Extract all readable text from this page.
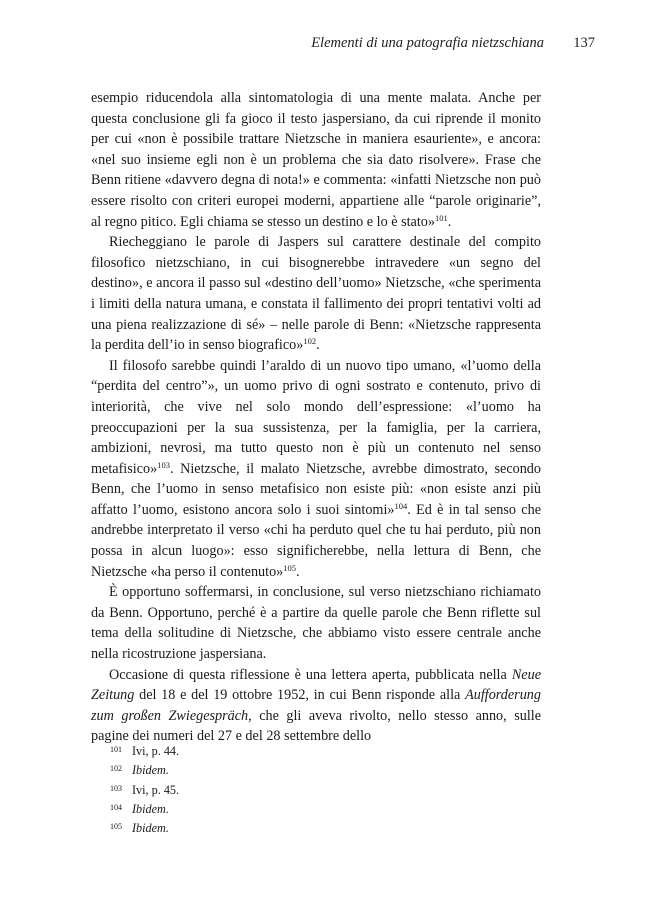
Elementi di una patografia nietzschiana 137

esempio riducendola alla sintomatologia di una mente malata. Anche per questa conclusione gli fa gioco il testo jaspersiano, da cui riprende il monito per cui «non è possibile trattare Nietzsche in maniera esauriente», e ancora: «nel suo insieme egli non è un problema che sia dato risolvere». Frase che Benn ritiene «davvero degna di nota!» e commenta: «infatti Nietzsche non può essere risolto con criteri europei moderni, appartiene alle “parole originarie”, al regno pitico. Egli chiama se stesso un destino e lo è stato»$^{101}$.

Riecheggiano le parole di Jaspers sul carattere destinale del compito filosofico nietzschiano, in cui bisognerebbe intravedere «un segno del destino», e ancora il passo sul «destino dell’uomo» Nietzsche, «che sperimenta i limiti della natura umana, e constata il fallimento dei propri tentativi volti ad una piena realizzazione di sé» – nelle parole di Benn: «Nietzsche rappresenta la perdita dell’io in senso biografico»$^{102}$.

Il filosofo sarebbe quindi l’araldo di un nuovo tipo umano, «l’uomo della “perdita del centro”», un uomo privo di ogni sostrato e contenuto, privo di interiorità, che vive nel solo mondo dell’espressione: «l’uomo ha preoccupazioni per la sua sussistenza, per la famiglia, per la carriera, ambizioni, nevrosi, ma tutto questo non è più un contenuto nel senso metafisico»$^{103}$. Nietzsche, il malato Nietzsche, avrebbe dimostrato, secondo Benn, che l’uomo in senso metafisico non esiste più: «non esiste anzi più affatto l’uomo, esistono ancora solo i suoi sintomi»$^{104}$. Ed è in tal senso che andrebbe interpretato il verso «chi ha perduto quel che tu hai perduto, più non possa in alcun luogo»: esso significherebbe, nella lettura di Benn, che Nietzsche «ha perso il contenuto»$^{105}$.

È opportuno soffermarsi, in conclusione, sul verso nietzschiano richiamato da Benn. Opportuno, perché è a partire da quelle parole che Benn riflette sul tema della solitudine di Nietzsche, che abbiamo visto essere centrale anche nella ricostruzione jaspersiana.

Occasione di questa riflessione è una lettera aperta, pubblicata nella Neue Zeitung del 18 e del 19 ottobre 1952, in cui Benn risponde alla Aufforderung zum großen Zwiegespräch, che gli aveva rivolto, nello stesso anno, sulle pagine dei numeri del 27 e del 28 settembre dello

101 Ivi, p. 44.
102 Ibidem.
103 Ivi, p. 45.
104 Ibidem.
105 Ibidem.
